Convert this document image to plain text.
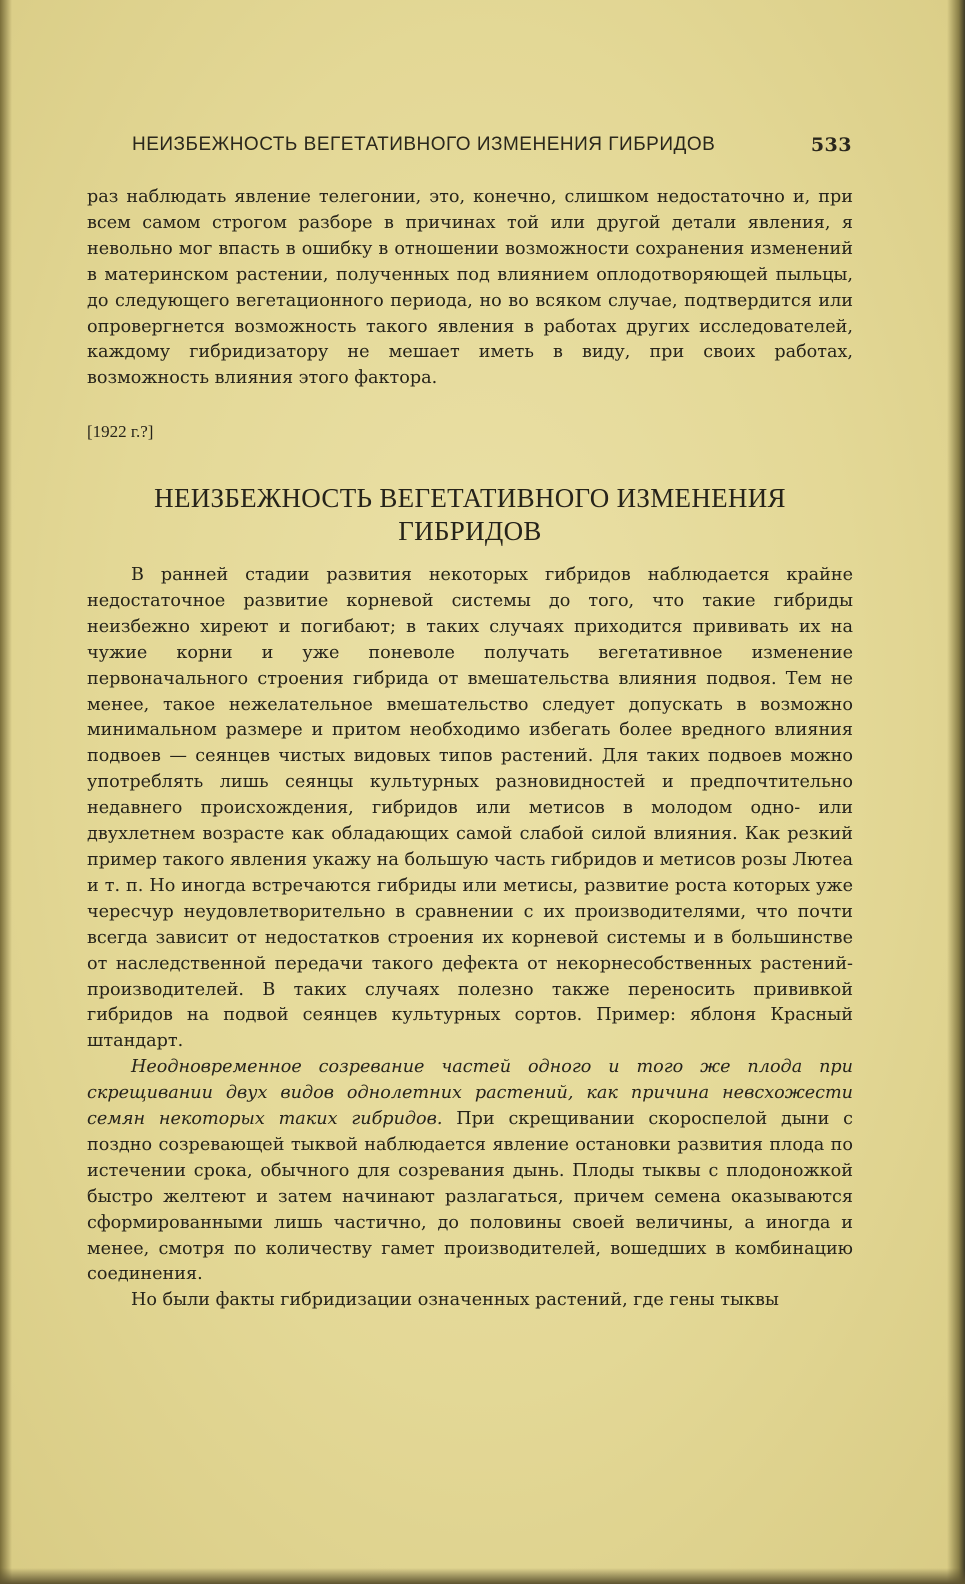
НЕИЗБЕЖНОСТЬ ВЕГЕТАТИВНОГО ИЗМЕНЕНИЯ ГИБРИДОВ	533

раз наблюдать явление телегонии, это, конечно, слишком недостаточно и, при всем самом строгом разборе в причинах той или другой детали явления, я невольно мог впасть в ошибку в отношении возможности сохранения изменений в материнском растении, полученных под влиянием оплодотворяющей пыльцы, до следующего вегетационного периода, но во всяком случае, подтвердится или опровергнется возможность такого явления в работах других исследователей, каждому гибридизатору не мешает иметь в виду, при своих работах, возможность влияния этого фактора.

[1922 г.?]
НЕИЗБЕЖНОСТЬ ВЕГЕТАТИВНОГО ИЗМЕНЕНИЯ
ГИБРИДОВ

В ранней стадии развития некоторых гибридов наблюдается крайне недостаточное развитие корневой системы до того, что такие гибриды неизбежно хиреют и погибают; в таких случаях приходится прививать их на чужие корни и уже поневоле получать вегетативное изменение первоначального строения гибрида от вмешательства влияния подвоя. Тем не менее, такое нежелательное вмешательство следует допускать в возможно минимальном размере и притом необходимо избегать более вредного влияния подвоев — сеянцев чистых видовых типов растений. Для таких подвоев можно употреблять лишь сеянцы культурных разновидностей и предпочтительно недавнего происхождения, гибридов или метисов в молодом одно- или двухлетнем возрасте как обладающих самой слабой силой влияния. Как резкий пример такого явления укажу на большую часть гибридов и метисов розы Лютеа и т. п. Но иногда встречаются гибриды или метисы, развитие роста которых уже чересчур неудовлетворительно в сравнении с их производителями, что почти всегда зависит от недостатков строения их корневой системы и в большинстве от наследственной передачи такого дефекта от некорнесобственных растений-производителей. В таких случаях полезно также переносить прививкой гибридов на подвой сеянцев культурных сортов. Пример: яблоня Красный штандарт.

Неодновременное созревание частей одного и того же плода при скрещивании двух видов однолетних растений, как причина невсхожести семян некоторых таких гибридов. При скрещивании скороспелой дыни с поздно созревающей тыквой наблюдается явление остановки развития плода по истечении срока, обычного для созревания дынь. Плоды тыквы с плодоножкой быстро желтеют и затем начинают разлагаться, причем семена оказываются сформированными лишь частично, до половины своей величины, а иногда и менее, смотря по количеству гамет производителей, вошедших в комбинацию соединения.

Но были факты гибридизации означенных растений, где гены тыквы
